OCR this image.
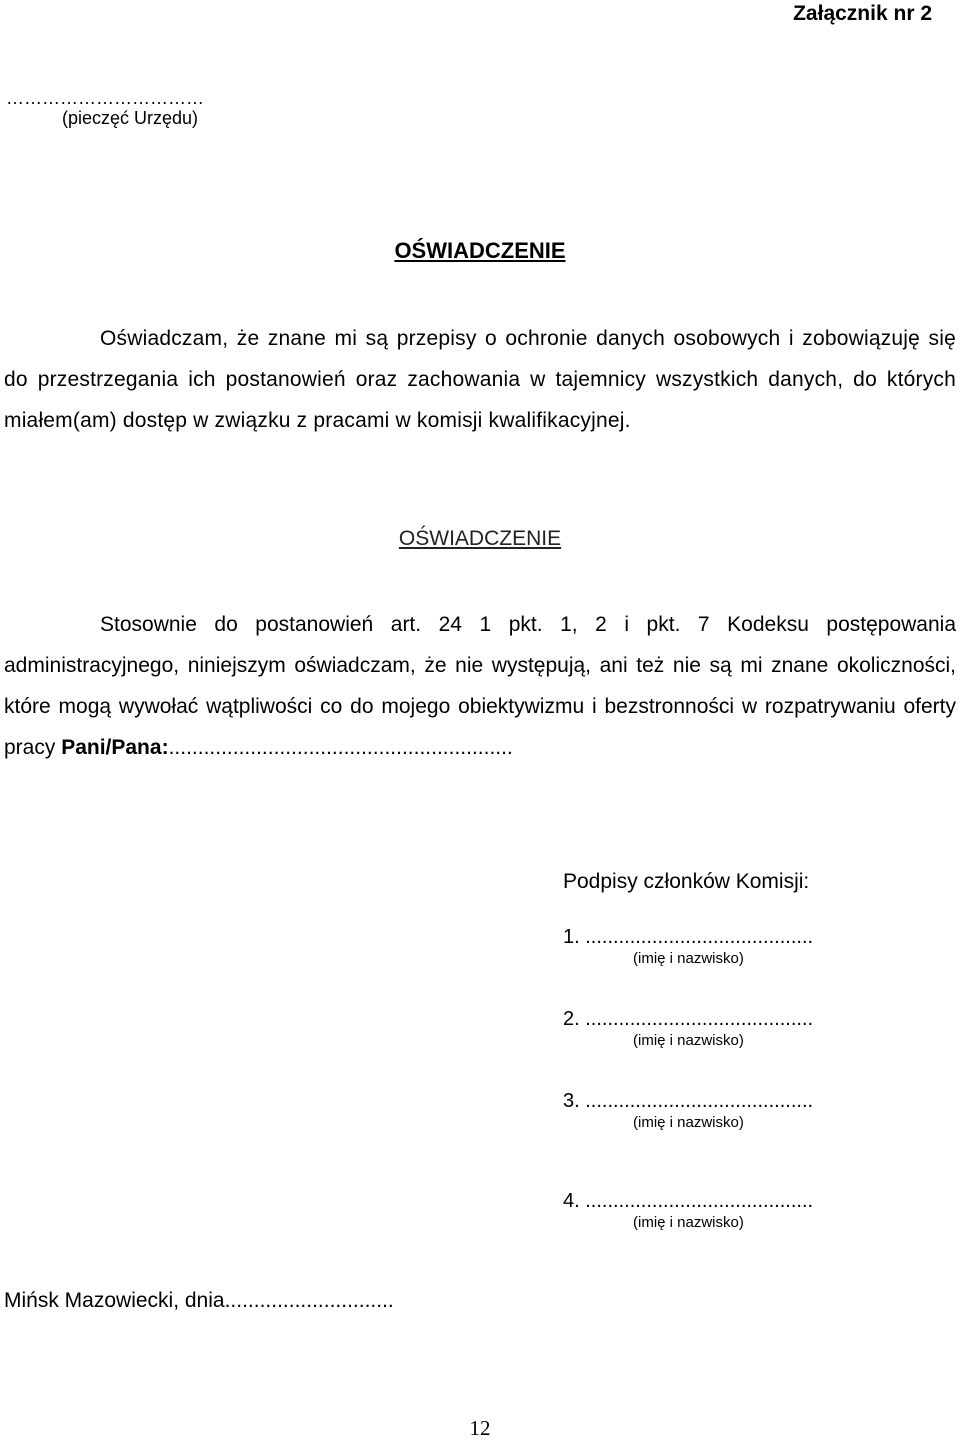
Załącznik nr 2
……………………………
(pieczęć Urzędu)
OŚWIADCZENIE
Oświadczam, że znane mi są przepisy o ochronie danych osobowych i zobowiązuję się do przestrzegania ich postanowień oraz zachowania w tajemnicy wszystkich danych, do których miałem(am) dostęp w związku z pracami w komisji kwalifikacyjnej.
OŚWIADCZENIE
Stosownie do postanowień art. 24 1 pkt. 1, 2 i pkt. 7 Kodeksu postępowania administracyjnego, niniejszym oświadczam, że nie występują, ani też nie są mi znane okoliczności, które mogą wywołać wątpliwości co do mojego obiektywizmu i bezstronności w rozpatrywaniu oferty pracy Pani/Pana:...........................................................
Podpisy członków Komisji:
1. .........................................
(imię i nazwisko)
2. .........................................
(imię i nazwisko)
3. .........................................
(imię i nazwisko)
4. .........................................
(imię i nazwisko)
Mińsk Mazowiecki, dnia.............................
12
